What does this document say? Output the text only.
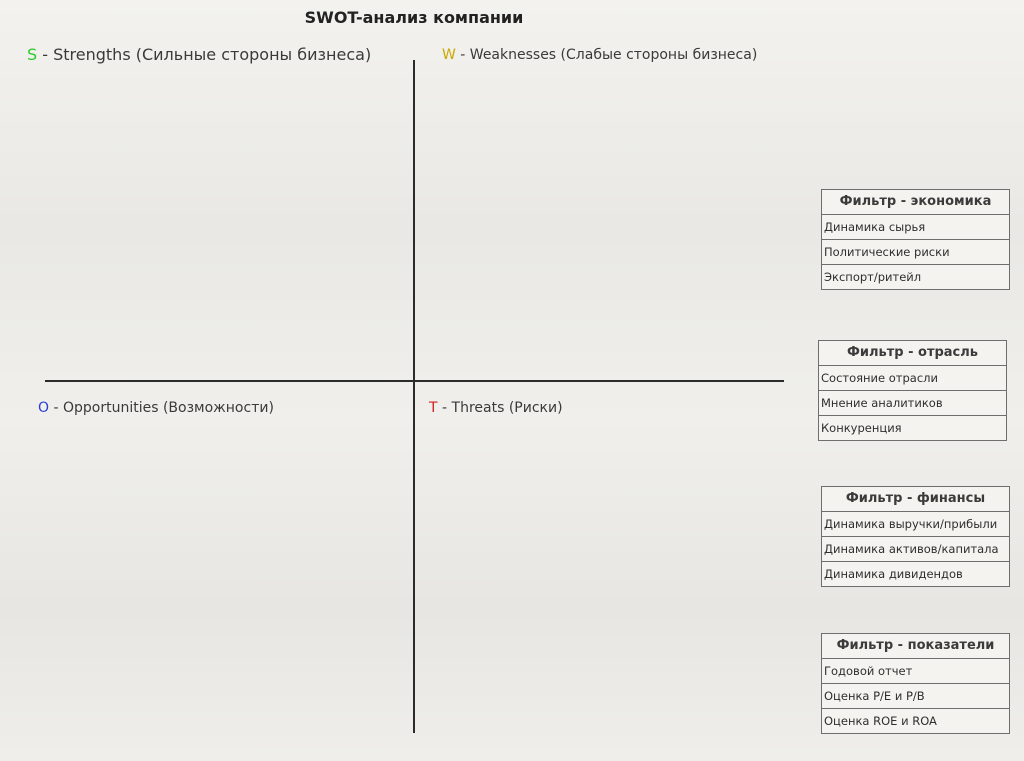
SWOT-анализ компании
S - Strengths (Сильные стороны бизнеса)	W - Weaknesses (Слабые стороны бизнеса)
O - Opportunities (Возможности)	T - Threats (Риски)
Фильтр - экономика
Динамика сырья
Политические риски
Экспорт/ритейл
Фильтр - отрасль
Состояние отрасли
Мнение аналитиков
Конкуренция
Фильтр - финансы
Динамика выручки/прибыли
Динамика активов/капитала
Динамика дивидендов
Фильтр - показатели
Годовой отчет
Оценка P/E и P/B
Оценка ROE и ROA
